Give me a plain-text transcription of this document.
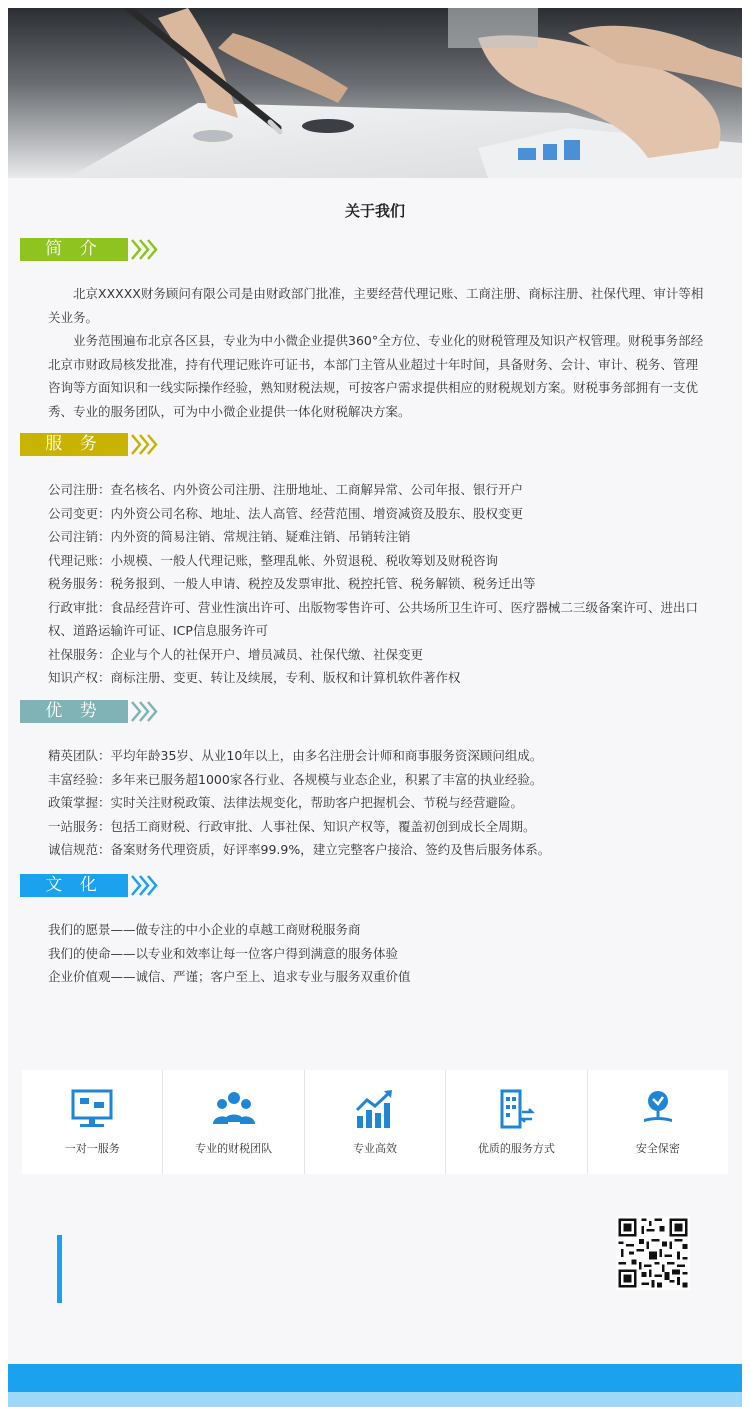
关于我们
简 介

北京XXXXX财务顾问有限公司是由财政部门批准，主要经营代理记账、工商注册、商标注册、社保代理、审计等相关业务。

业务范围遍布北京各区县，专业为中小微企业提供360°全方位、专业化的财税管理及知识产权管理。财税事务部经北京市财政局核发批准，持有代理记账许可证书，本部门主管从业超过十年时间，具备财务、会计、审计、税务、管理咨询等方面知识和一线实际操作经验，熟知财税法规，可按客户需求提供相应的财税规划方案。财税事务部拥有一支优秀、专业的服务团队，可为中小微企业提供一体化财税解决方案。

服 务
公司注册：查名核名、内外资公司注册、注册地址、工商解异常、公司年报、银行开户
公司变更：内外资公司名称、地址、法人高管、经营范围、增资减资及股东、股权变更
公司注销：内外资的简易注销、常规注销、疑难注销、吊销转注销
代理记账：小规模、一般人代理记账，整理乱帐、外贸退税、税收筹划及财税咨询
税务服务：税务报到、一般人申请、税控及发票审批、税控托管、税务解锁、税务迁出等
行政审批：食品经营许可、营业性演出许可、出版物零售许可、公共场所卫生许可、医疗器械二三级备案许可、进出口权、道路运输许可证、ICP信息服务许可
社保服务：企业与个人的社保开户、增员减员、社保代缴、社保变更
知识产权：商标注册、变更、转让及续展，专利、版权和计算机软件著作权
优 势
精英团队：平均年龄35岁、从业10年以上，由多名注册会计师和商事服务资深顾问组成。
丰富经验：多年来已服务超1000家各行业、各规模与业态企业，积累了丰富的执业经验。
政策掌握：实时关注财税政策、法律法规变化，帮助客户把握机会、节税与经营避险。
一站服务：包括工商财税、行政审批、人事社保、知识产权等，覆盖初创到成长全周期。
诚信规范：备案财务代理资质，好评率99.9%，建立完整客户接洽、签约及售后服务体系。
文 化
我们的愿景——做专注的中小企业的卓越工商财税服务商
我们的使命——以专业和效率让每一位客户得到满意的服务体验
企业价值观——诚信、严谨；客户至上、追求专业与服务双重价值
一对一服务	专业的财税团队	专业高效	优质的服务方式	安全保密
